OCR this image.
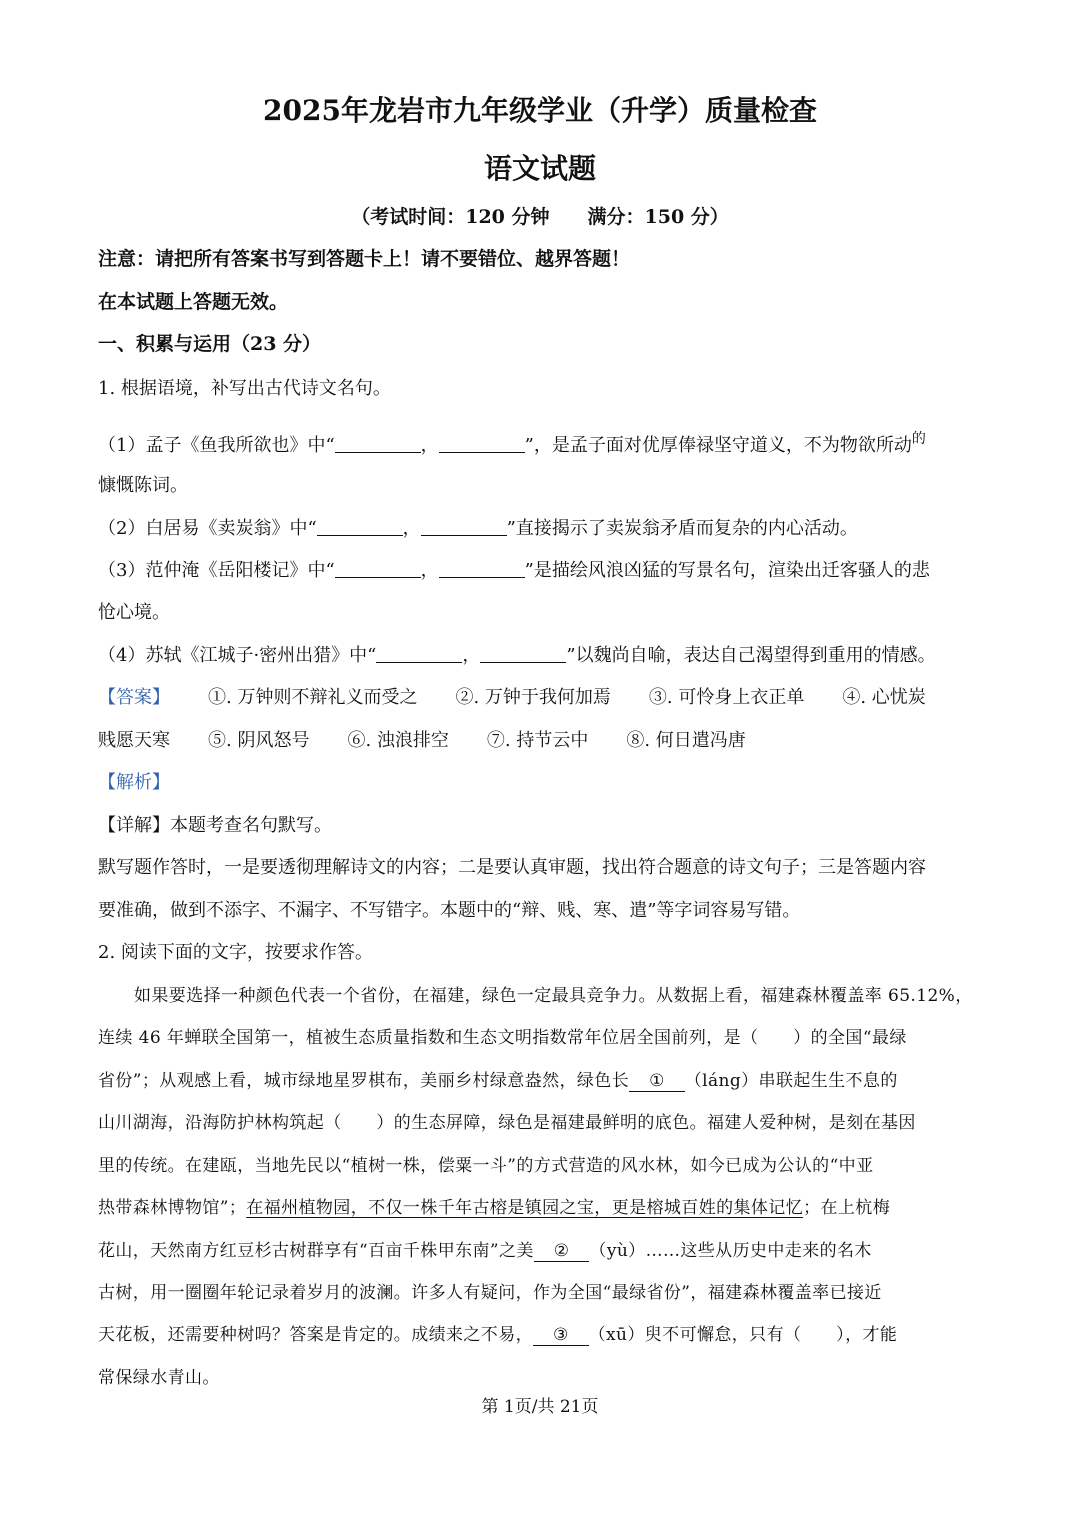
2025年龙岩市九年级学业（升学）质量检查
语文试题
（考试时间：120 分钟 满分：150 分）
注意：请把所有答案书写到答题卡上！请不要错位、越界答题！
在本试题上答题无效。
一、积累与运用（23 分）
1. 根据语境，补写出古代诗文名句。
（1）孟子《鱼我所欲也》中“	，	”，是孟子面对优厚俸禄坚守道义，不为物欲所动$^的$
慷慨陈词。
（2）白居易《卖炭翁》中“	，	”直接揭示了卖炭翁矛盾而复杂的内心活动。
（3）范仲淹《岳阳楼记》中“	，	”是描绘风浪凶猛的写景名句，渲染出迁客骚人的悲
怆心境。
（4）苏轼《江城子·密州出猎》中“	，	”以魏尚自喻，表达自己渴望得到重用的情感。
【答案】 ①. 万钟则不辩礼义而受之 ②. 万钟于我何加焉 ③. 可怜身上衣正单 ④. 心忧炭
贱愿天寒 ⑤. 阴风怒号 ⑥. 浊浪排空 ⑦. 持节云中 ⑧. 何日遣冯唐
【解析】
【详解】本题考查名句默写。
默写题作答时，一是要透彻理解诗文的内容；二是要认真审题，找出符合题意的诗文句子；三是答题内容
要准确，做到不添字、不漏字、不写错字。本题中的“辩、贱、寒、遣”等字词容易写错。
2. 阅读下面的文字，按要求作答。
如果要选择一种颜色代表一个省份，在福建，绿色一定最具竞争力。从数据上看，福建森林覆盖率 65.12%，
连续 46 年蝉联全国第一，植被生态质量指数和生态文明指数常年位居全国前列，是（　　）的全国“最绿
省份”；从观感上看，城市绿地星罗棋布，美丽乡村绿意盎然，绿色长 ① （láng）串联起生生不息的
山川湖海，沿海防护林构筑起（　　）的生态屏障，绿色是福建最鲜明的底色。福建人爱种树，是刻在基因
里的传统。在建瓯，当地先民以“植树一株，偿粟一斗”的方式营造的风水林，如今已成为公认的“中亚
热带森林博物馆”；在福州植物园，不仅一株千年古榕是镇园之宝，更是榕城百姓的集体记忆；在上杭梅
花山，天然南方红豆杉古树群享有“百亩千株甲东南”之美 ② （yù）……这些从历史中走来的名木
古树，用一圈圈年轮记录着岁月的波澜。许多人有疑问，作为全国“最绿省份”，福建森林覆盖率已接近
天花板，还需要种树吗？答案是肯定的。成绩来之不易， ③ （xū）臾不可懈怠，只有（　　），才能
常保绿水青山。
第 1页/共 21页
